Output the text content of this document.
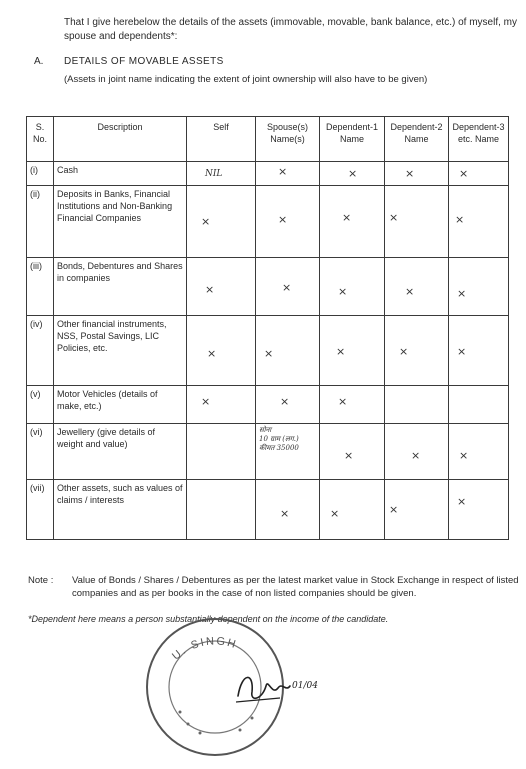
That I give herebelow the details of the assets (immovable, movable, bank balance, etc.) of myself, my spouse and dependents*:
A. DETAILS OF MOVABLE ASSETS
(Assets in joint name indicating the extent of joint ownership will also have to be given)
S. No.	Description	Self	Spouse(s) Name(s)	Dependent-1 Name	Dependent-2 Name	Dependent-3 etc. Name
(i)	Cash	NIL	×	×	×	×

(ii)	Deposits in Banks, Financial Institutions and Non-Banking Financial Companies	×	×	×	×	×

(iii)	Bonds, Debentures and Shares in companies	×	×	×	×	×

(iv)	Other financial instruments, NSS, Postal Savings, LIC Policies, etc.	×	×	×	×	×

(v)	Motor Vehicles (details of make, etc.)	×	×	×		

(vi)	Jewellery (give details of weight and value)		सोना
10 ग्राम (लग.)
कीमत 35000	×	×	×

(vii)	Other assets, such as values of claims / interests		×	×	×	×
Note : Value of Bonds / Shares / Debentures as per the latest market value in Stock Exchange in respect of listed companies and as per books in the case of non listed companies should be given.
*Dependent here means a person substantially dependent on the income of the candidate.
U. SINGH
01/04
